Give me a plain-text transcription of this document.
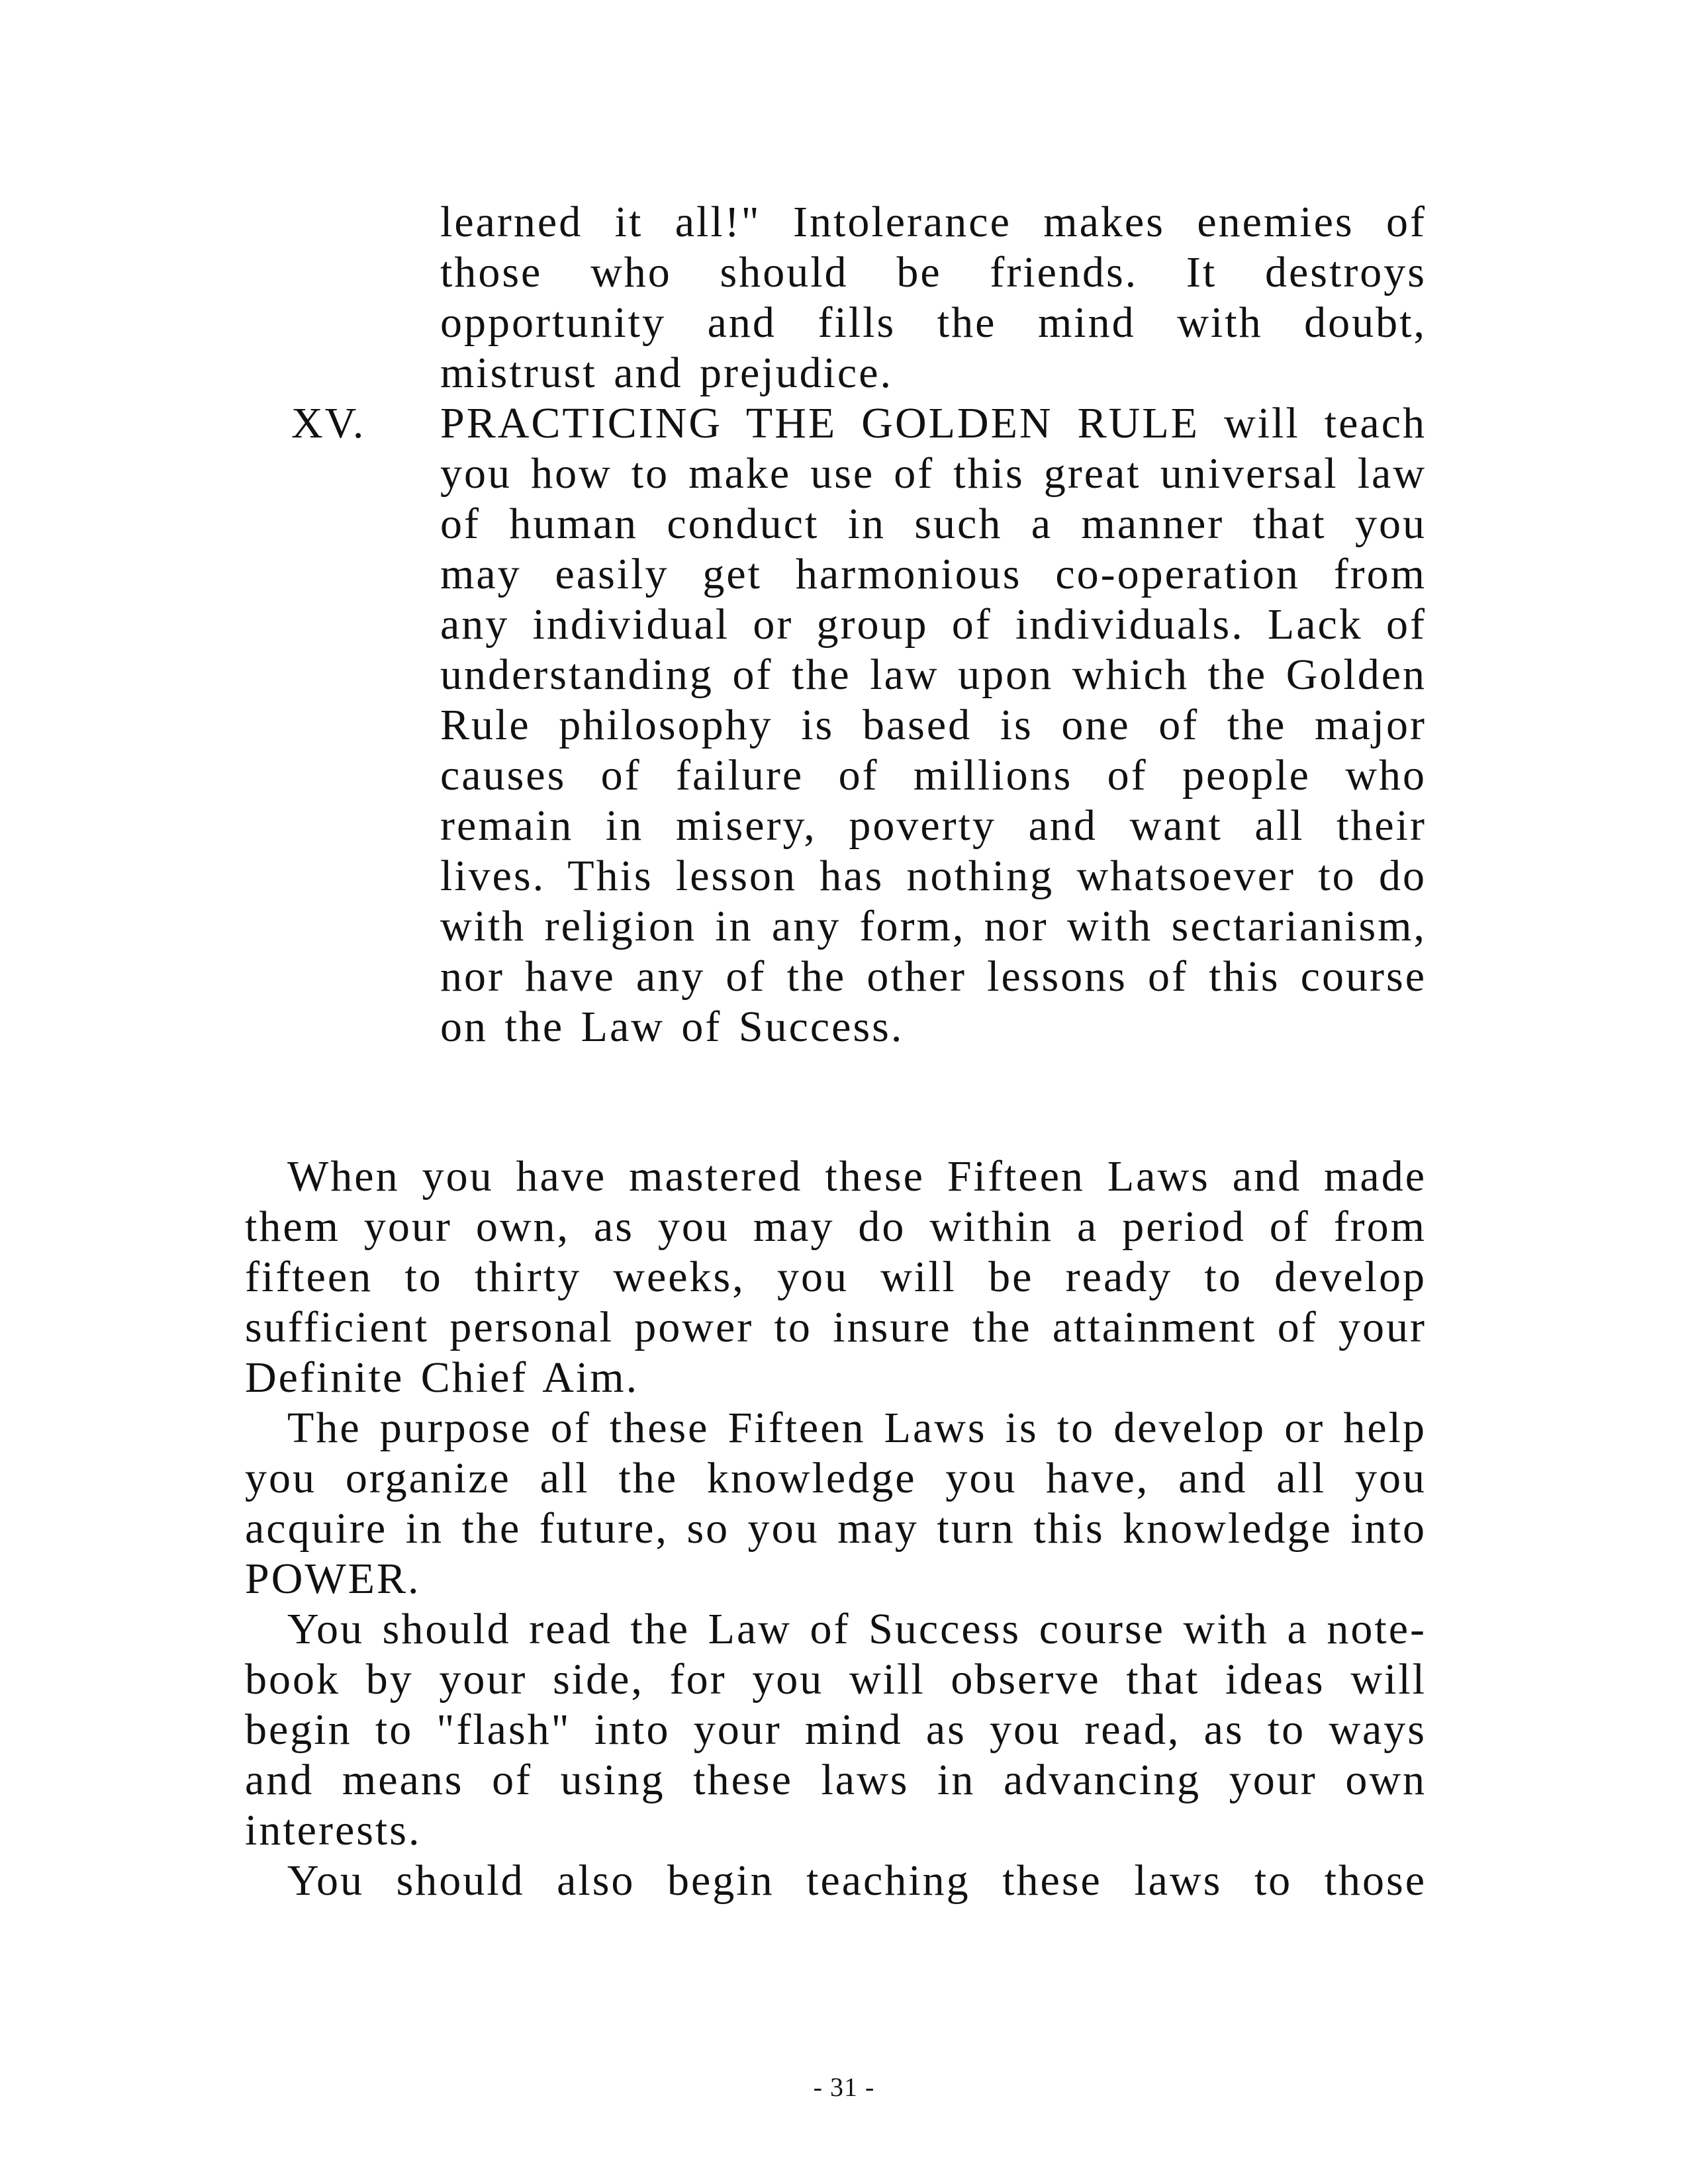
learned it all!" Intolerance makes enemies of those who should be friends. It destroys opportunity and fills the mind with doubt, mistrust and prejudice.

XV. PRACTICING THE GOLDEN RULE will teach you how to make use of this great universal law of human conduct in such a manner that you may easily get harmonious co-operation from any individual or group of individuals. Lack of understanding of the law upon which the Golden Rule philosophy is based is one of the major causes of failure of millions of people who remain in misery, poverty and want all their lives. This lesson has nothing whatsoever to do with religion in any form, nor with sectarianism, nor have any of the other lessons of this course on the Law of Success.

When you have mastered these Fifteen Laws and made them your own, as you may do within a period of from fifteen to thirty weeks, you will be ready to develop sufficient personal power to insure the attainment of your Definite Chief Aim.

The purpose of these Fifteen Laws is to develop or help you organize all the knowledge you have, and all you acquire in the future, so you may turn this knowledge into POWER.

You should read the Law of Success course with a note-book by your side, for you will observe that ideas will begin to "flash" into your mind as you read, as to ways and means of using these laws in advancing your own interests.

You should also begin teaching these laws to those

- 31 -
